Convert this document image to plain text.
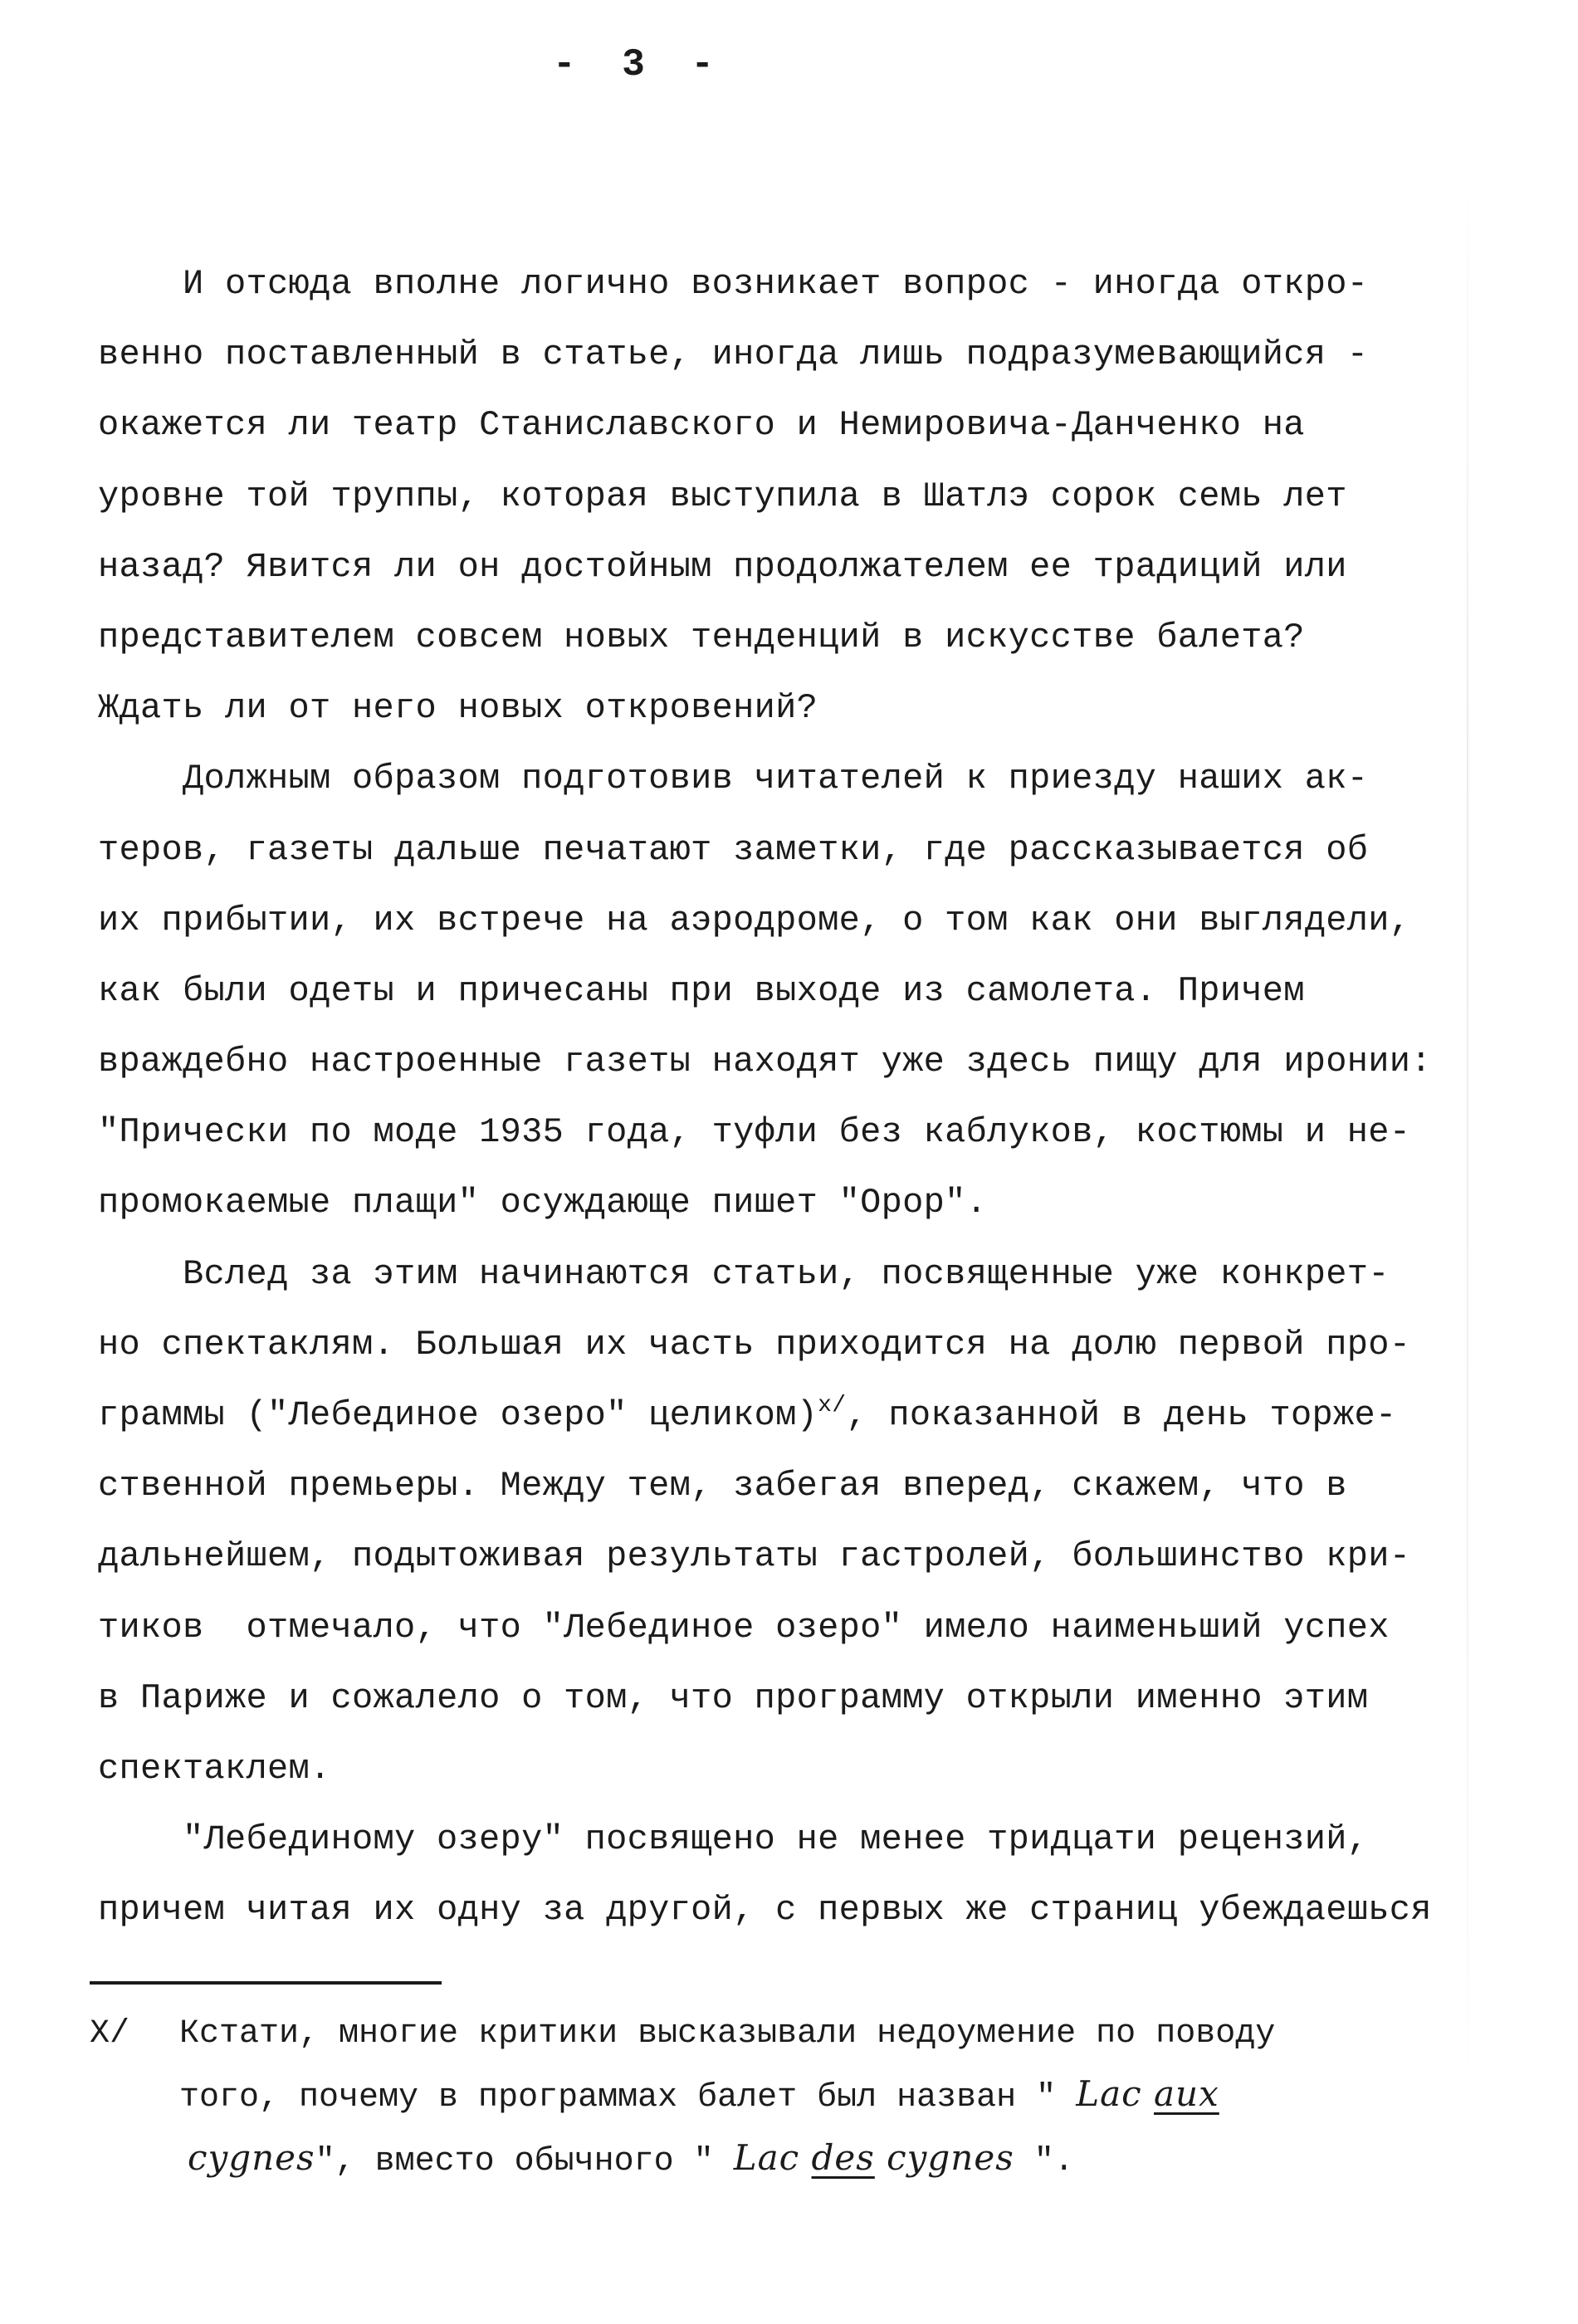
- 3 -
И отсюда вполне логично возникает вопрос - иногда откро-
венно поставленный в статье, иногда лишь подразумевающийся -
окажется ли театр Станиславского и Немировича-Данченко на
уровне той труппы, которая выступила в Шатлэ сорок семь лет
назад? Явится ли он достойным продолжателем ее традиций или
представителем совсем новых тенденций в искусстве балета?
Ждать ли от него новых откровений?
Должным образом подготовив читателей к приезду наших ак-
теров, газеты дальше печатают заметки, где рассказывается об
их прибытии, их встрече на аэродроме, о том как они выглядели,
как были одеты и причесаны при выходе из самолета. Причем
враждебно настроенные газеты находят уже здесь пищу для иронии:
"Прически по моде 1935 года, туфли без каблуков, костюмы и не-
промокаемые плащи" осуждающе пишет "Орор".
Вслед за этим начинаются статьи, посвященные уже конкрет-
но спектаклям. Большая их часть приходится на долю первой про-
граммы ("Лебединое озеро" целиком)$^{x/}$, показанной в день торже-
ственной премьеры. Между тем, забегая вперед, скажем, что в
дальнейшем, подытоживая результаты гастролей, большинство кри-
тиков  отмечало, что "Лебединое озеро" имело наименьший успех
в Париже и сожалело о том, что программу открыли именно этим
спектаклем.
"Лебединому озеру" посвящено не менее тридцати рецензий,
причем читая их одну за другой, с первых же страниц убеждаешься
X/ Кстати, многие критики высказывали недоумение по поводу
того, почему в программах балет был назван " Lac aux
cygnes", вместо обычного " Lac des cygnes ".
